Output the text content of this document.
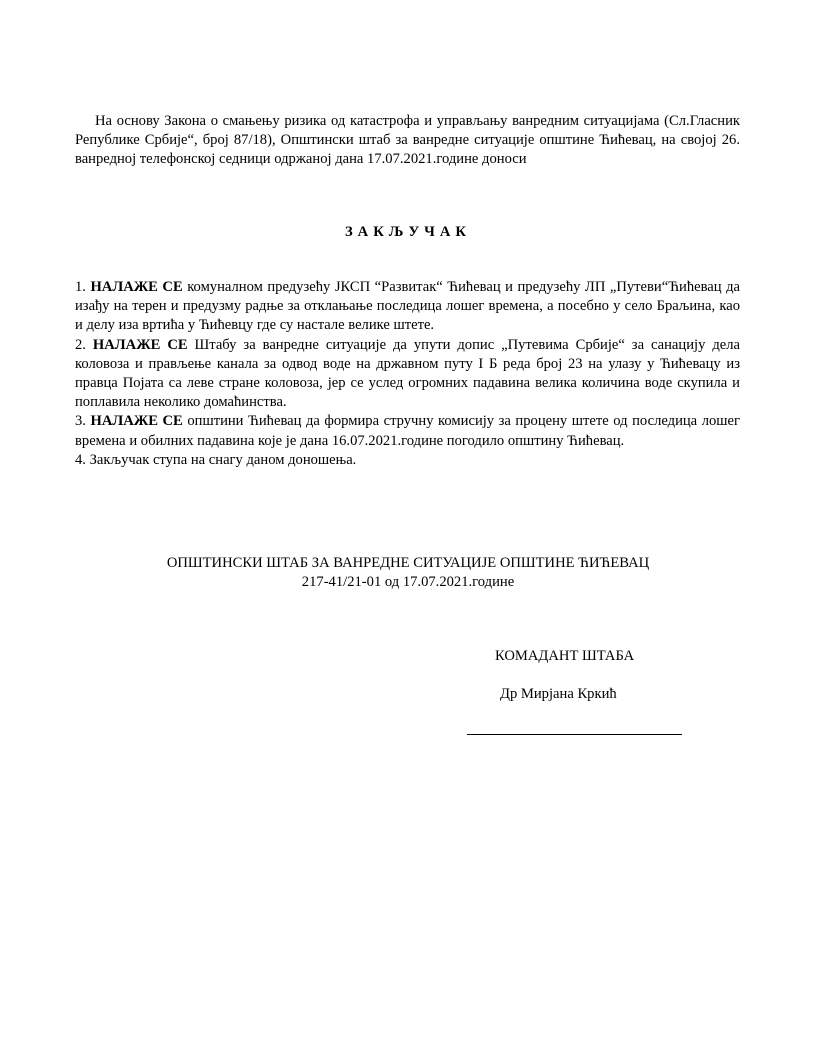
На основу Закона о смањењу ризика од катастрофа и управљању ванредним ситуацијама (Сл.Гласник Републике Србије“, број 87/18), Општински штаб за ванредне ситуације општине Ћићевац, на својој 26. ванредној телефонској седници одржаној дана 17.07.2021.године доноси

ЗАКЉУЧАК

1. НАЛАЖЕ СЕ комуналном предузећу ЈКСП “Развитак“ Ћићевац и предузећу ЛП „Путеви“Ћићевац да изађу на терен и предузму радње за отклањање последица лошег времена, а посебно у село Браљина, као и делу иза вртића у Ћићевцу где су настале велике штете.
2. НАЛАЖЕ СЕ Штабу за ванредне ситуације да упути допис „Путевима Србије“ за санацију дела коловоза и прављење канала за одвод воде на државном путу I Б реда број 23 на улазу у Ћићевацу из правца Појата са леве стране коловоза, јер се услед огромних падавина велика количина воде скупила и поплавила неколико домаћинства.
3. НАЛАЖЕ СЕ општини Ћићевац да формира стручну комисију за процену штете од последица лошег времена и обилних падавина које је дана 16.07.2021.године погодило општину Ћићевац.
4. Закључак ступа на снагу даном доношења.

ОПШТИНСКИ ШТАБ ЗА ВАНРЕДНЕ СИТУАЦИЈЕ ОПШТИНЕ ЋИЋЕВАЦ

217-41/21-01 од 17.07.2021.године

КОМАДАНТ ШТАБА

Др Мирјана Кркић
